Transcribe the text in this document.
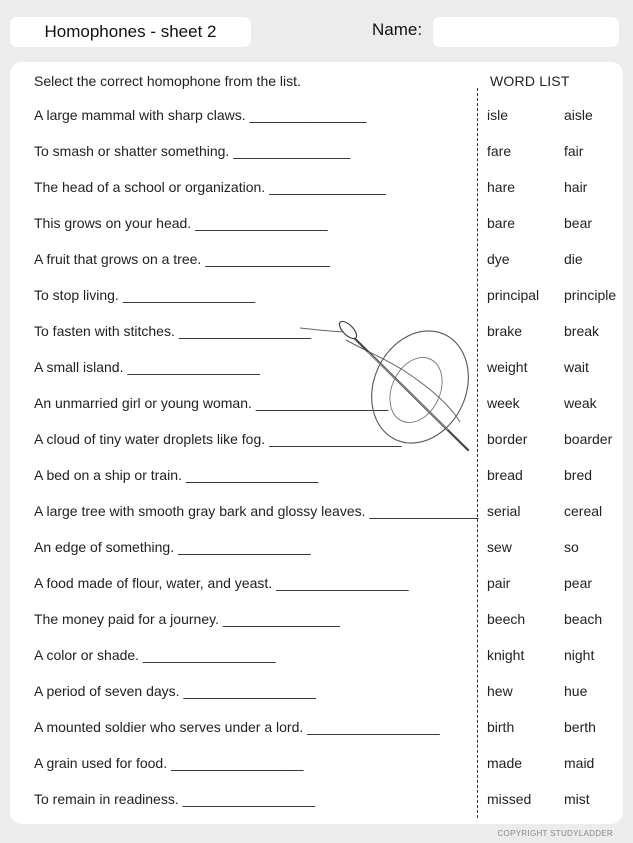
Homophones - sheet 2	Name:
Select the correct homophone from the list.	WORD LIST
A large mammal with sharp claws. _______________
To smash or shatter something. _______________
The head of a school or organization. _______________
This grows on your head. _________________
A fruit that grows on a tree. ________________
To stop living. _________________
To fasten with stitches. _________________
A small island. _________________
An unmarried girl or young woman. _________________
A cloud of tiny water droplets like fog. _________________
A bed on a ship or train. _________________
A large tree with smooth gray bark and glossy leaves. ______________
An edge of something. _________________
A food made of flour, water, and yeast. _________________
The money paid for a journey. _______________
A color or shade. _________________
A period of seven days. _________________
A mounted soldier who serves under a lord. _________________
A grain used for food. _________________
To remain in readiness. _________________
isle	aisle
fare	fair
hare	hair
bare	bear
dye	die
principal	principle
brake	break
weight	wait
week	weak
border	boarder
bread	bred
serial	cereal
sew	so
pair	pear
beech	beach
knight	night
hew	hue
birth	berth
made	maid
missed	mist
COPYRIGHT STUDYLADDER
